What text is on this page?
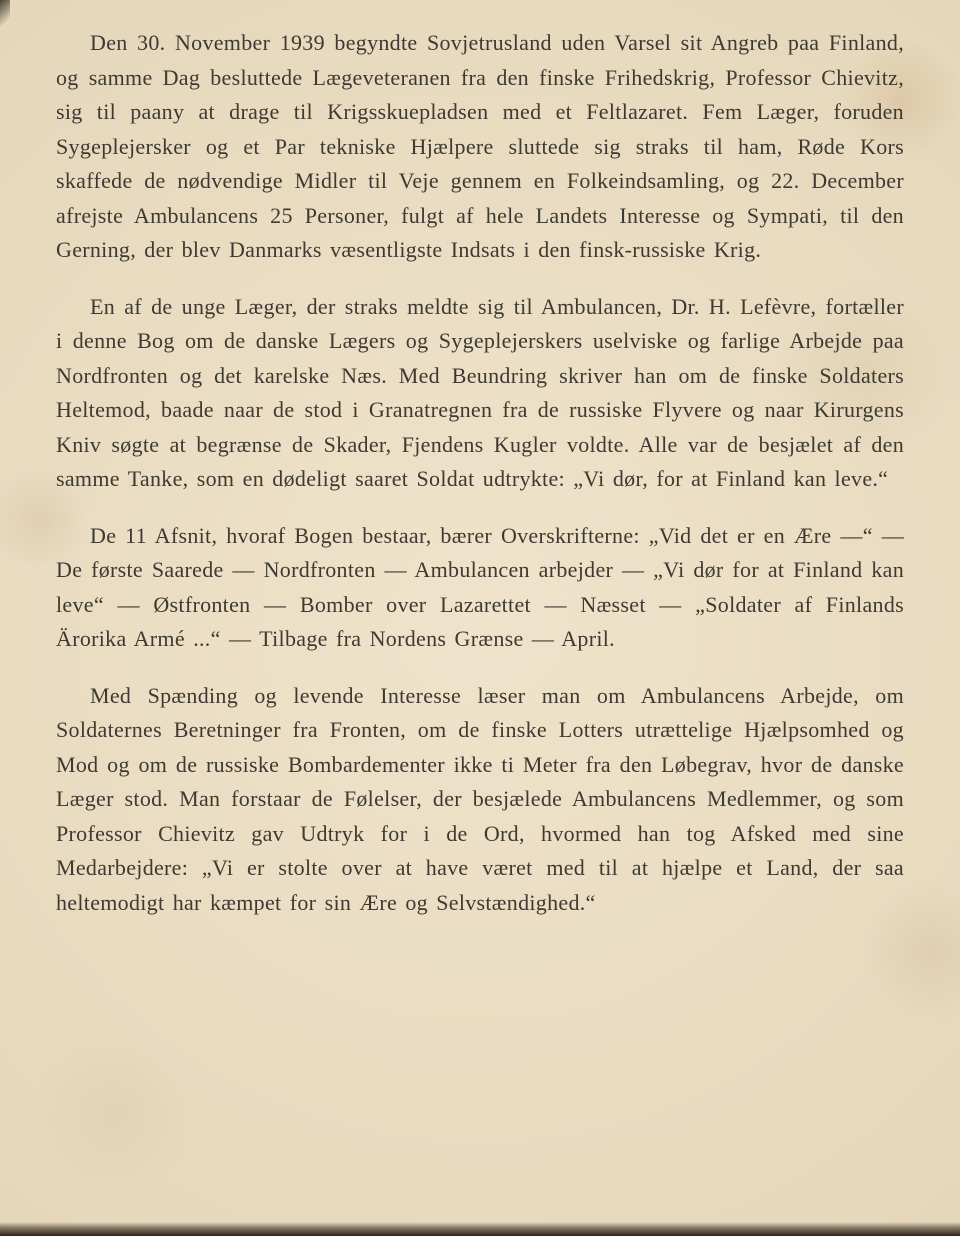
Den 30. November 1939 begyndte Sovjetrusland uden Varsel sit Angreb paa Finland, og samme Dag besluttede Lægeveteranen fra den finske Frihedskrig, Professor Chievitz, sig til paany at drage til Krigsskuepladsen med et Feltlazaret. Fem Læger, foruden Sygeplejersker og et Par tekniske Hjælpere sluttede sig straks til ham, Røde Kors skaffede de nødvendige Midler til Veje gennem en Folkeindsamling, og 22. December afrejste Ambulancens 25 Personer, fulgt af hele Landets Interesse og Sympati, til den Gerning, der blev Danmarks væsentligste Indsats i den finsk-russiske Krig.

En af de unge Læger, der straks meldte sig til Ambulancen, Dr. H. Lefèvre, fortæller i denne Bog om de danske Lægers og Sygeplejerskers uselviske og farlige Arbejde paa Nordfronten og det karelske Næs. Med Beundring skriver han om de finske Soldaters Heltemod, baade naar de stod i Granatregnen fra de russiske Flyvere og naar Kirurgens Kniv søgte at begrænse de Skader, Fjendens Kugler voldte. Alle var de besjælet af den samme Tanke, som en dødeligt saaret Soldat udtrykte: „Vi dør, for at Finland kan leve.“

De 11 Afsnit, hvoraf Bogen bestaar, bærer Overskrifterne: „Vid det er en Ære —“ — De første Saarede — Nordfronten — Ambulancen arbejder — „Vi dør for at Finland kan leve“ — Østfronten — Bomber over Lazarettet — Næsset — „Soldater af Finlands Ärorika Armé ...“ — Tilbage fra Nordens Grænse — April.

Med Spænding og levende Interesse læser man om Ambulancens Arbejde, om Soldaternes Beretninger fra Fronten, om de finske Lotters utrættelige Hjælpsomhed og Mod og om de russiske Bombardementer ikke ti Meter fra den Løbegrav, hvor de danske Læger stod. Man forstaar de Følelser, der besjælede Ambulancens Medlemmer, og som Professor Chievitz gav Udtryk for i de Ord, hvormed han tog Afsked med sine Medarbejdere: „Vi er stolte over at have været med til at hjælpe et Land, der saa heltemodigt har kæmpet for sin Ære og Selvstændighed.“
